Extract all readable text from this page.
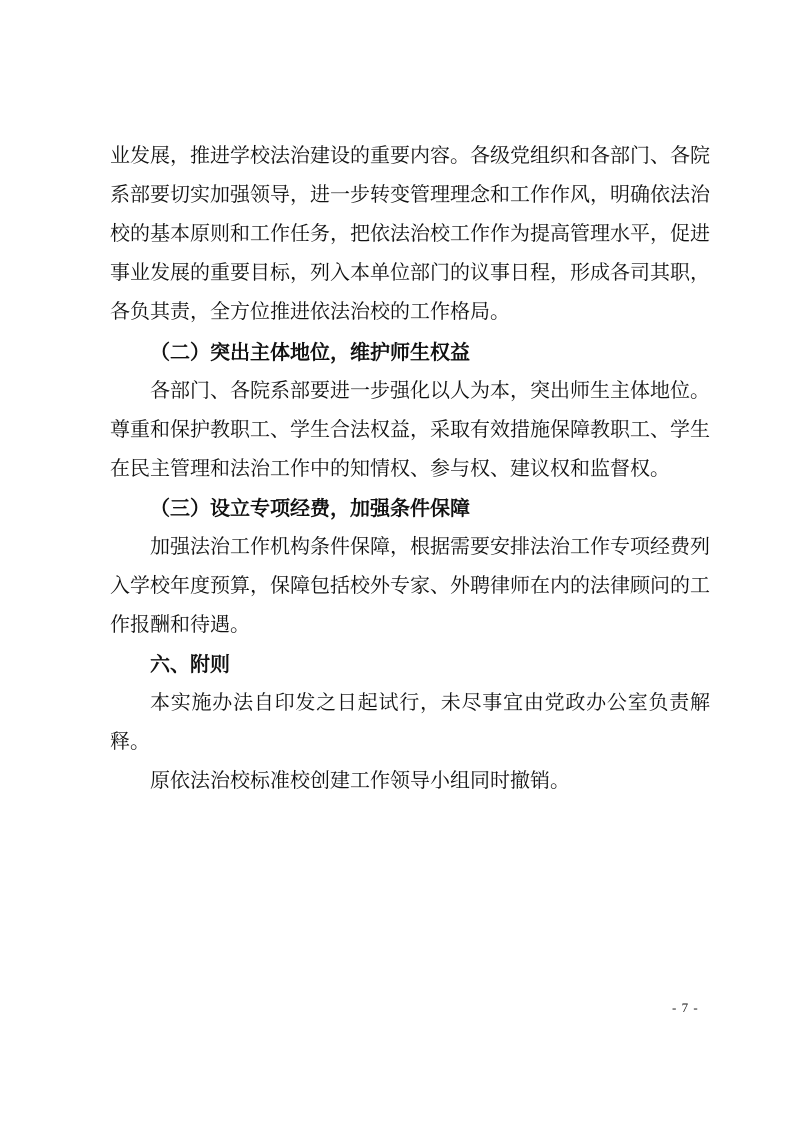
业发展，推进学校法治建设的重要内容。各级党组织和各部门、各院
系部要切实加强领导，进一步转变管理理念和工作作风，明确依法治
校的基本原则和工作任务，把依法治校工作作为提高管理水平，促进
事业发展的重要目标，列入本单位部门的议事日程，形成各司其职，
各负其责，全方位推进依法治校的工作格局。
（二）突出主体地位，维护师生权益
各部门、各院系部要进一步强化以人为本，突出师生主体地位。
尊重和保护教职工、学生合法权益，采取有效措施保障教职工、学生
在民主管理和法治工作中的知情权、参与权、建议权和监督权。
（三）设立专项经费，加强条件保障
加强法治工作机构条件保障，根据需要安排法治工作专项经费列
入学校年度预算，保障包括校外专家、外聘律师在内的法律顾问的工
作报酬和待遇。
六、附则
本实施办法自印发之日起试行，未尽事宜由党政办公室负责解
释。
原依法治校标准校创建工作领导小组同时撤销。
- 7 -
